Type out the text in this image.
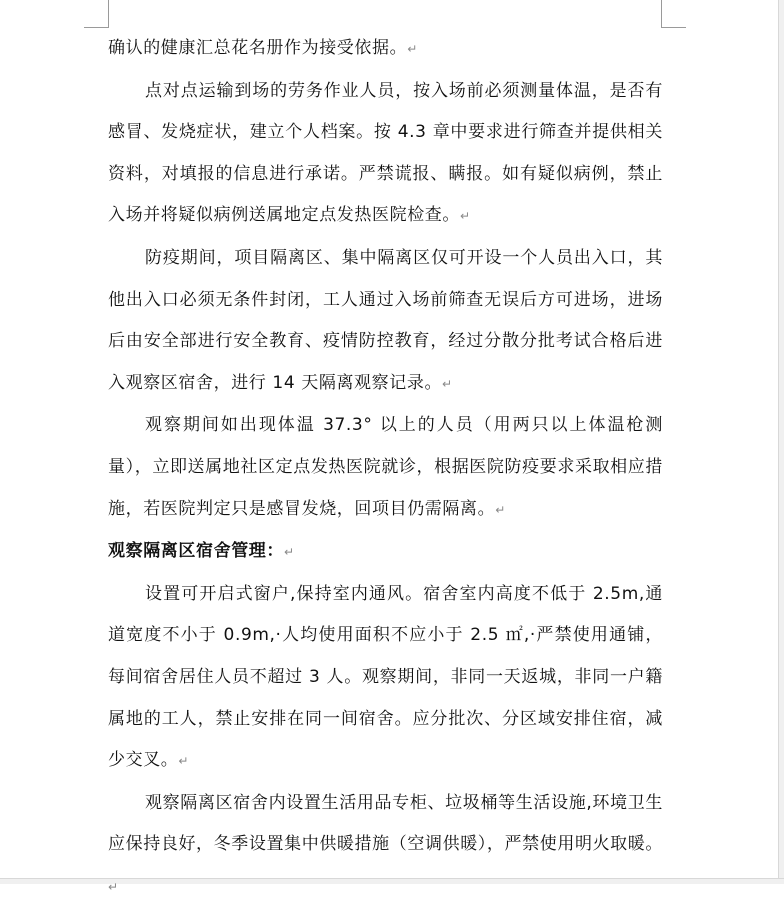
确认的健康汇总花名册作为接受依据。 ↵

点对点运输到场的劳务作业人员，按入场前必须测量体温，是否有感冒、发烧症状，建立个人档案。按 4.3 章中要求进行筛查并提供相关资料，对填报的信息进行承诺。严禁谎报、瞒报。如有疑似病例，禁止入场并将疑似病例送属地定点发热医院检查。 ↵

防疫期间，项目隔离区、集中隔离区仅可开设一个人员出入口，其他出入口必须无条件封闭，工人通过入场前筛查无误后方可进场，进场后由安全部进行安全教育、疫情防控教育，经过分散分批考试合格后进入观察区宿舍，进行 14 天隔离观察记录。 ↵

观察期间如出现体温 37.3° 以上的人员（用两只以上体温枪测量），立即送属地社区定点发热医院就诊，根据医院防疫要求采取相应措施，若医院判定只是感冒发烧，回项目仍需隔离。 ↵

观察隔离区宿舍管理： ↵

设置可开启式窗户,保持室内通风。宿舍室内高度不低于 2.5m,通道宽度不小于 0.9m,·人均使用面积不应小于 2.5 ㎡,·严禁使用通铺，每间宿舍居住人员不超过 3 人。观察期间，非同一天返城，非同一户籍属地的工人，禁止安排在同一间宿舍。应分批次、分区域安排住宿，减少交叉。 ↵

观察隔离区宿舍内设置生活用品专柜、垃圾桶等生活设施,环境卫生应保持良好，冬季设置集中供暖措施（空调供暖），严禁使用明火取暖。 ↵
